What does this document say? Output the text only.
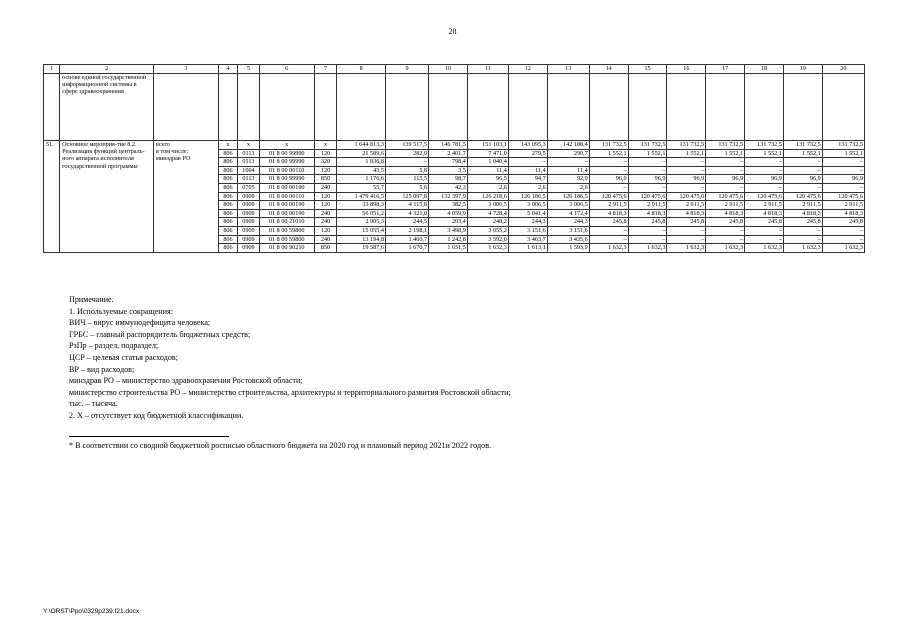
28
1	2	3	4	5	6	7	8	9	10	11	12	13	14	15	16	17	18	19	20
	основе единой государственной информационной системы в сфере здравоохранения																		
51.	Основное мероприя-тие 8.2. Реализация функций централь-ного аппарата исполнителя государственной программы	всего
в том числе:
минздрав РО	x	x	x	x	1 644 813,3	139 517,5	146 781,5	151 103,1	143 095,3	142 188,4	131 732,5	131 732,5	131 732,5	131 732,5	131 732,5	131 732,5	131 732,5
			806	0113	01 8 00 99990	120	21 589,6	282,0	2 401,7	7 471,0	279,5	290,7	1 552,1	1 552,1	1 552,1	1 552,1	1 552,1	1 552,1	1 552,1
			806	0113	01 8 00 99990	320	1 836,8	–	798,4	1 040,4	–	–	–	–	–	–	–	–	–
			806	1004	01 8 00 00110	120	43,5	5,8	3,5	11,4	11,4	11,4	–	–	–	–	–	–	–
			806	0113	01 8 00 99990	850	1 176,6	115,5	98,7	96,5	94,7	92,9	96,9	96,9	96,9	96,9	96,9	96,9	96,9
			806	0705	01 8 00 00190	240	55,7	5,6	42,3	2,6	2,6	2,6	–	–	–	–	–	–	–
			806	0909	01 8 00 00110	120	1 479 416,5	125 097,8	132 397,9	126 218,6	126 186,5	126 186,5	120 475,6	120 475,6	120 475,6	120 475,6	120 475,6	120 475,6	120 475,6
			806	0909	01 8 00 00190	120	33 898,3	4 115,8	382,5	3 006,5	3 006,5	3 006,5	2 911,5	2 911,5	2 911,5	2 911,5	2 911,5	2 911,5	2 911,5
			806	0909	01 8 00 00190	240	56 051,2	4 321,0	4 059,9	4 728,4	5 041,4	4 172,4	4 818,3	4 818,3	4 818,3	4 818,3	4 818,3	4 818,3	4 818,3
			806	0909	01 8 00 21010	240	2 905,3	244,5	203,4	248,2	244,3	244,3	245,8	245,8	245,8	245,8	245,8	245,8	245,8
			806	0909	01 8 00 59800	120	15 055,4	2 198,1	3 498,9	3 055,2	3 151,6	3 151,6	–	–	–	–	–	–	–
			806	0909	01 8 00 59800	240	13 194,8	1 460,7	1 242,8	3 592,0	3 463,7	3 435,6	–	–	–	–	–	–	–
			806	0909	01 8 00 90210	850	19 587,6	1 670,7	1 651,5	1 632,3	1 613,1	1 593,9	1 632,3	1 632,3	1 632,3	1 632,3	1 632,3	1 632,3	1 632,3
Примечание.
1. Используемые сокращения:
ВИЧ – вирус иммунодефицита человека;
ГРБС – главный распорядитель бюджетных средств;
РзПр – раздел, подраздел;
ЦСР – целевая статья расходов;
ВР – вид расходов;
минздрав РО – министерство здравоохранения Ростовской области;
министерство строительства РО – министерство строительства, архитектуры и территориального развития Ростовской области;
тыс. – тысяча.
2. Х – отсутствует код бюджетной классификации.
* В соответствии со сводной бюджетной росписью областного бюджета на 2020 год и плановый период 2021и 2022 годов.
Y:\ORST\Ppo\0329p239.f21.docx
